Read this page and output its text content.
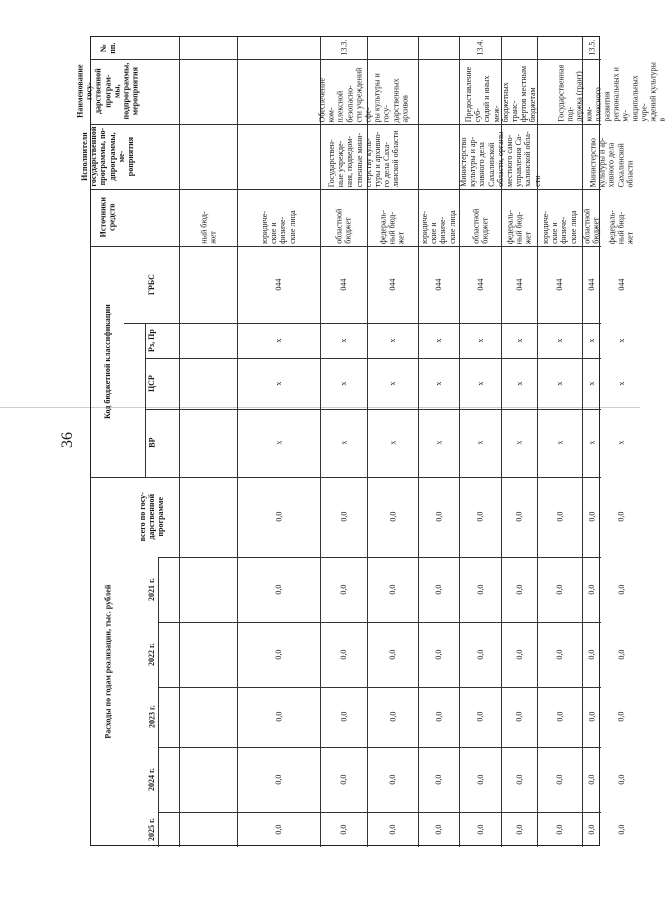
36
№
пп.
Наименование госу-
дарственной програм-
мы, подпрограммы,
мероприятия
Исполнители
государственной
программы, по-
дпрограммы, ме-
роприятия
Источники
средств
Код бюджетной классификации
ГРБС
Рз, Пр
ЦСР
ВР
Расходы по годам реализации, тыс. рублей
всего по госу-
дарственной
программе
2021 г.
2022 г.
2023 г.
2024 г.
2025 г.
ный бюд-
жет	юридиче-
ские и
физиче-
ские лица
044
х
х
х
0,0
0,0
0,0
0,0
0,0
0,0
13.3.
Обеспечение ком-
плексной безопасно-
сти учреждений сфе-
ры культуры и госу-
дарственных архивов
Государствен-
ные учрежде-
ния, подведом-
ственные мини-
стерству куль-
туры и архивно-
го дела Саха-
линской области
областной
бюджет
044
х
х
х
0,0
0,0
0,0
0,0
0,0
0,0
федераль-
ный бюд-
жет
044
х
х
х
0,0
0,0
0,0
0,0
0,0
0,0
юридиче-
ские и
физиче-
ские лица
044
х
х
х
0,0
0,0
0,0
0,0
0,0
0,0
13.4.
Предоставление суб-
сидий и иных меж-
бюджетных транс-
фертов местным
бюджетам
Министерство
культуры и ар-
хивного дела
Сахалинской
области, органы
местного само-
управления Са-
халинской обла-
сти
областной
бюджет
044
х
х
х
0,0
0,0
0,0
0,0
0,0
0,0
федераль-
ный бюд-
жет
044
х
х
х
0,0
0,0
0,0
0,0
0,0
0,0
юридиче-
ские и
физиче-
ские лица
044
х
х
х
0,0
0,0
0,0
0,0
0,0
0,0
13.5.
Государственная под-
держка (грант) ком-
плексного развития
региональных и му-
ниципальных учре-
ждений культуры в
Министерство
культуры и ар-
хивного дела
Сахалинской
области
областной
бюджет
044
х
х
х
0,0
0,0
0,0
0,0
0,0
0,0
федераль-
ный бюд-
жет
044
х
х
х
0,0
0,0
0,0
0,0
0,0
0,0
